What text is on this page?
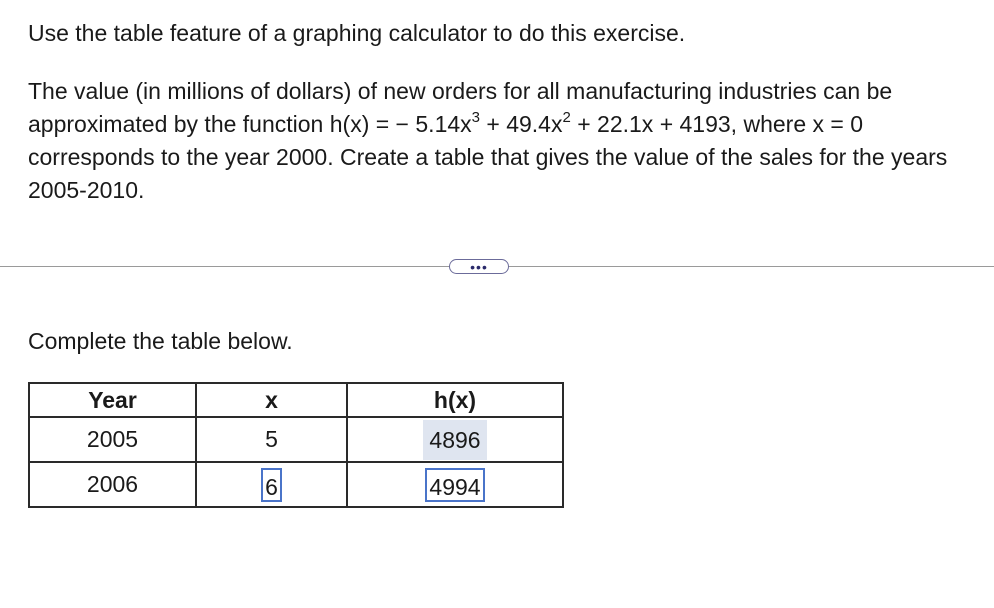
Use the table feature of a graphing calculator to do this exercise.

The value (in millions of dollars) of new orders for all manufacturing industries can be approximated by the function h(x) = − $5.14x^3 + 49.4x^2 + 22.1x + 4193$, where x = 0 corresponds to the year 2000. Create a table that gives the value of the sales for the years 2005-2010.

•••

Complete the table below.

Year	x	h(x)
2005	5	4896
2006	6	4994
